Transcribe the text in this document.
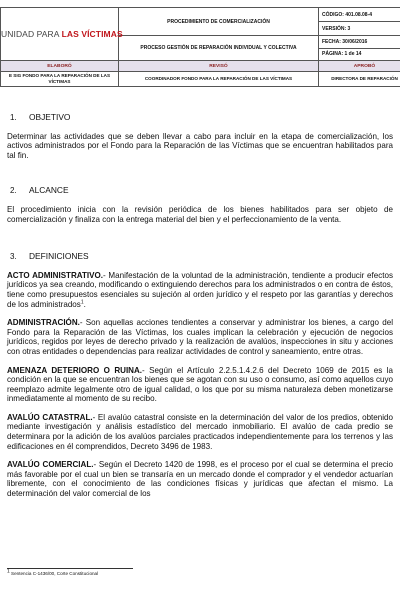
UNIDAD PARA LAS VÍCTIMAS	PROCEDIMIENTO DE COMERCIALIZACIÓN	CÓDIGO: 401.08.08-4
		VERSIÓN: 3
	PROCESO GESTIÓN DE REPARACIÓN INDIVIDUAL Y COLECTIVA	FECHA: 30/06/2016
		PÁGINA: 1 de 14
ELABORÓ	REVISÓ	APROBÓ
E SIG FONDO PARA LA REPARACIÓN DE LAS VÍCTIMAS	COORDINADOR FONDO PARA LA REPARACIÓN DE LAS VÍCTIMAS	DIRECTORA DE REPARACIÓN
1.	OBJETIVO

Determinar las actividades que se deben llevar a cabo para incluir en la etapa de comercialización, los activos administrados por el Fondo para la Reparación de las Víctimas que se encuentran habilitados para tal fin.

2.	ALCANCE

El procedimiento inicia con la revisión periódica de los bienes habilitados para ser objeto de comercialización y finaliza con la entrega material del bien y el perfeccionamiento de la venta.

3.	DEFINICIONES

ACTO ADMINISTRATIVO.- Manifestación de la voluntad de la administración, tendiente a producir efectos jurídicos ya sea creando, modificando o extinguiendo derechos para los administrados o en contra de éstos, tiene como presupuestos esenciales su sujeción al orden jurídico y el respeto por las garantías y derechos de los administrados$^1$.

ADMINISTRACIÓN.- Son aquellas acciones tendientes a conservar y administrar los bienes, a cargo del Fondo para la Reparación de las Víctimas, los cuales implican la celebración y ejecución de negocios jurídicos, regidos por leyes de derecho privado y la realización de avalúos, inspecciones in situ y acciones con otras entidades o dependencias para realizar actividades de control y saneamiento, entre otras.

AMENAZA DETERIORO O RUINA.- Según el Artículo 2.2.5.1.4.2.6 del Decreto 1069 de 2015 es la condición en la que se encuentran los bienes que se agotan con su uso o consumo, así como aquellos cuyo reemplazo admite legalmente otro de igual calidad, o los que por su misma naturaleza deben monetizarse inmediatamente al momento de su recibo.

AVALÚO CATASTRAL.- El avalúo catastral consiste en la determinación del valor de los predios, obtenido mediante investigación y análisis estadístico del mercado inmobiliario. El avalúo de cada predio se determinara por la adición de los avalúos parciales practicados independientemente para los terrenos y las edificaciones en él comprendidos, Decreto 3496 de 1983.

AVALÚO COMERCIAL.- Según el Decreto 1420 de 1998, es el proceso por el cual se determina el precio más favorable por el cual un bien se transaría en un mercado donde el comprador y el vendedor actuarían libremente, con el conocimiento de las condiciones físicas y jurídicas que afectan el mismo. La determinación del valor comercial de los

$^1$ Sentencia C-1436/00, Corte Constitucional
